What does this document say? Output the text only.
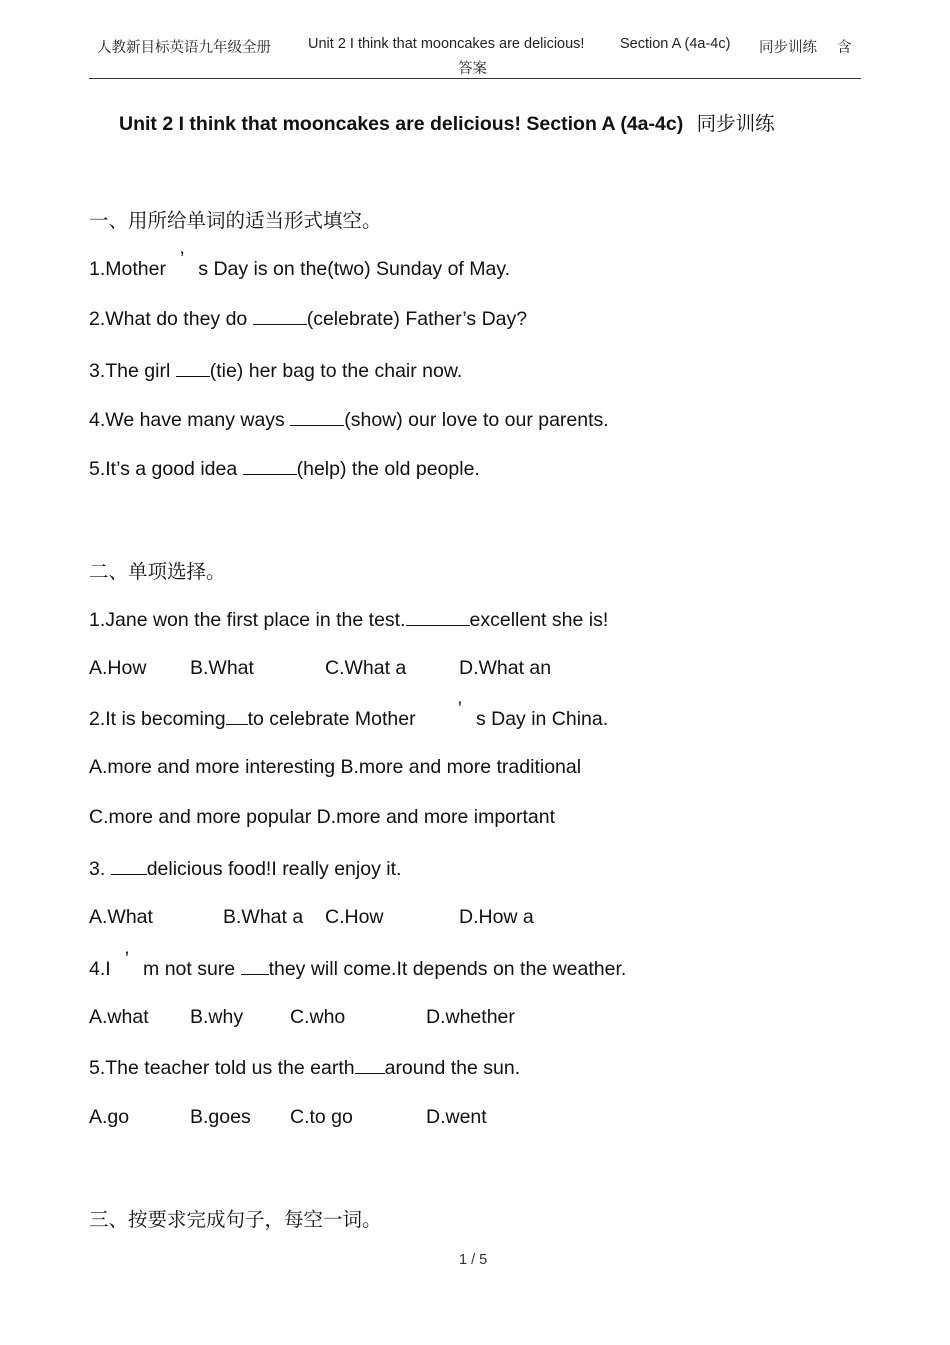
人教新目标英语九年级全册	Unit 2 I think that mooncakes are delicious! Section A (4a-4c) 同步训练 含
答案
Unit 2 I think that mooncakes are delicious! Section A (4a-4c) 同步训练
一、用所给单词的适当形式填空。
1.Mother ’ s Day is on the(two) Sunday of May.
2.What do they do	(celebrate) Father’s Day?
3.The girl (tie) her bag to the chair now.
4.We have many ways	(show) our love to our parents.
5.It’s a good idea	(help) the old people.
二、单项选择。
1.Jane won the first place in the test.	excellent she is!
A.How B.What	C.What a	D.What an
2.It is becoming to celebrate Mother ’ s Day in China.
A.more and more interesting B.more and more traditional
C.more and more popular D.more and more important
3. delicious food!I really enjoy it.
A.What	B.What a C.How	D.How a
4.I ’ m not sure they will come.It depends on the weather.
A.what B.why C.who	D.whether
5.The teacher told us the earth around the sun.
A.go	B.goes C.to go	D.went
三、按要求完成句子，每空一词。
1 / 5
